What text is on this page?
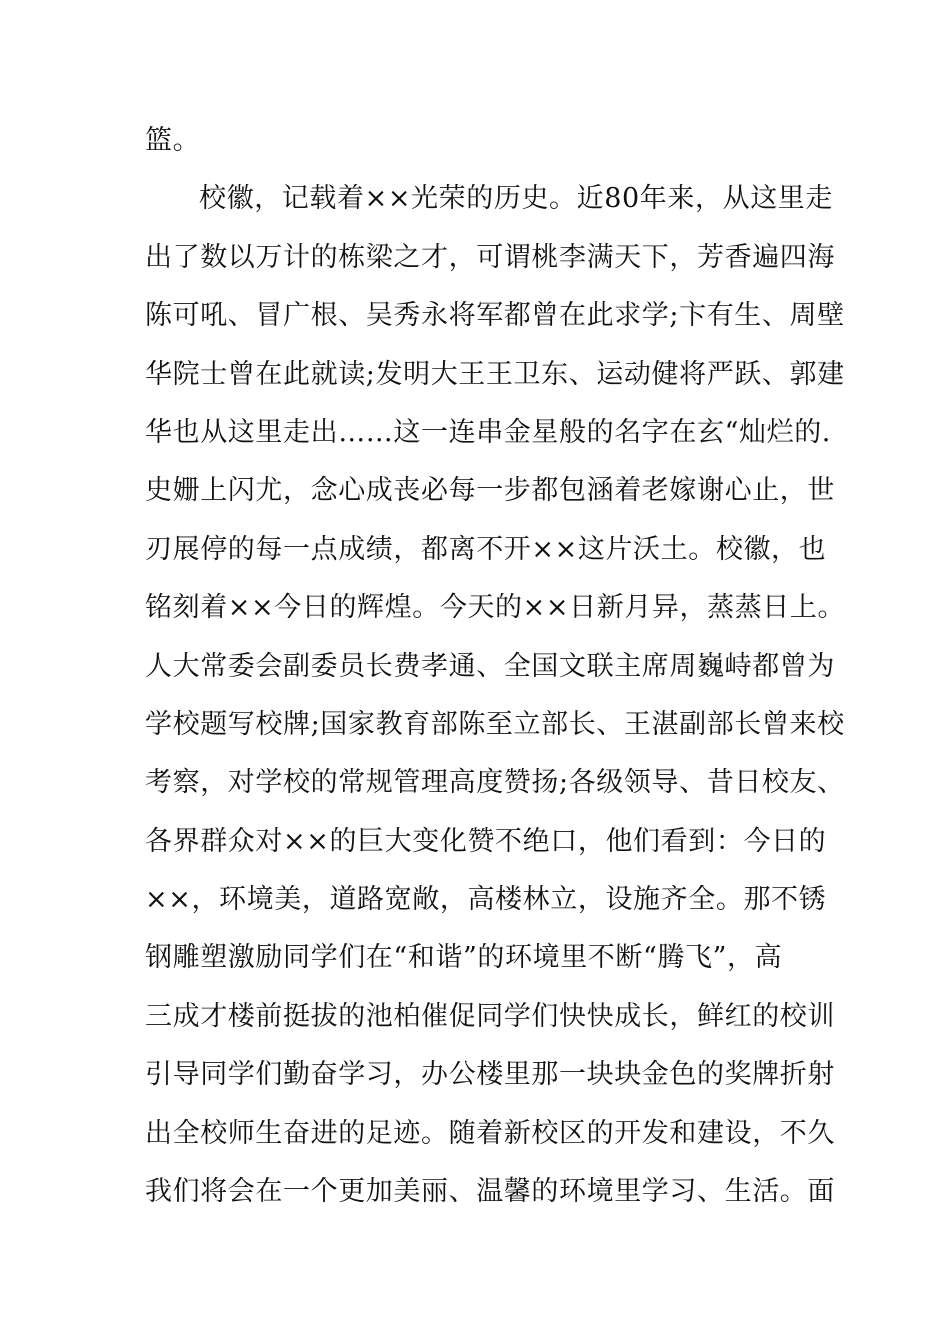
篮。
校徽，记载着××光荣的历史。近80年来，从这里走
出了数以万计的栋梁之才，可谓桃李满天下，芳香遍四海
陈可吼、冒广根、吴秀永将军都曾在此求学;卞有生、周壁
华院士曾在此就读;发明大王王卫东、运动健将严跃、郭建
华也从这里走出……这一连串金星般的名字在玄“灿烂的.
史姗上闪尤，念心成丧必每一步都包涵着老嫁谢心止，世
刃展停的每一点成绩，都离不开××这片沃土。校徽，也
铭刻着××今日的辉煌。今天的××日新月异，蒸蒸日上。
人大常委会副委员长费孝通、全国文联主席周巍峙都曾为
学校题写校牌;国家教育部陈至立部长、王湛副部长曾来校
考察，对学校的常规管理高度赞扬;各级领导、昔日校友、
各界群众对××的巨大变化赞不绝口，他们看到：今日的
××，环境美，道路宽敞，高楼林立，设施齐全。那不锈
钢雕塑激励同学们在“和谐”的环境里不断“腾飞”，高
三成才楼前挺拔的池柏催促同学们快快成长，鲜红的校训
引导同学们勤奋学习，办公楼里那一块块金色的奖牌折射
出全校师生奋进的足迹。随着新校区的开发和建设，不久
我们将会在一个更加美丽、温馨的环境里学习、生活。面
